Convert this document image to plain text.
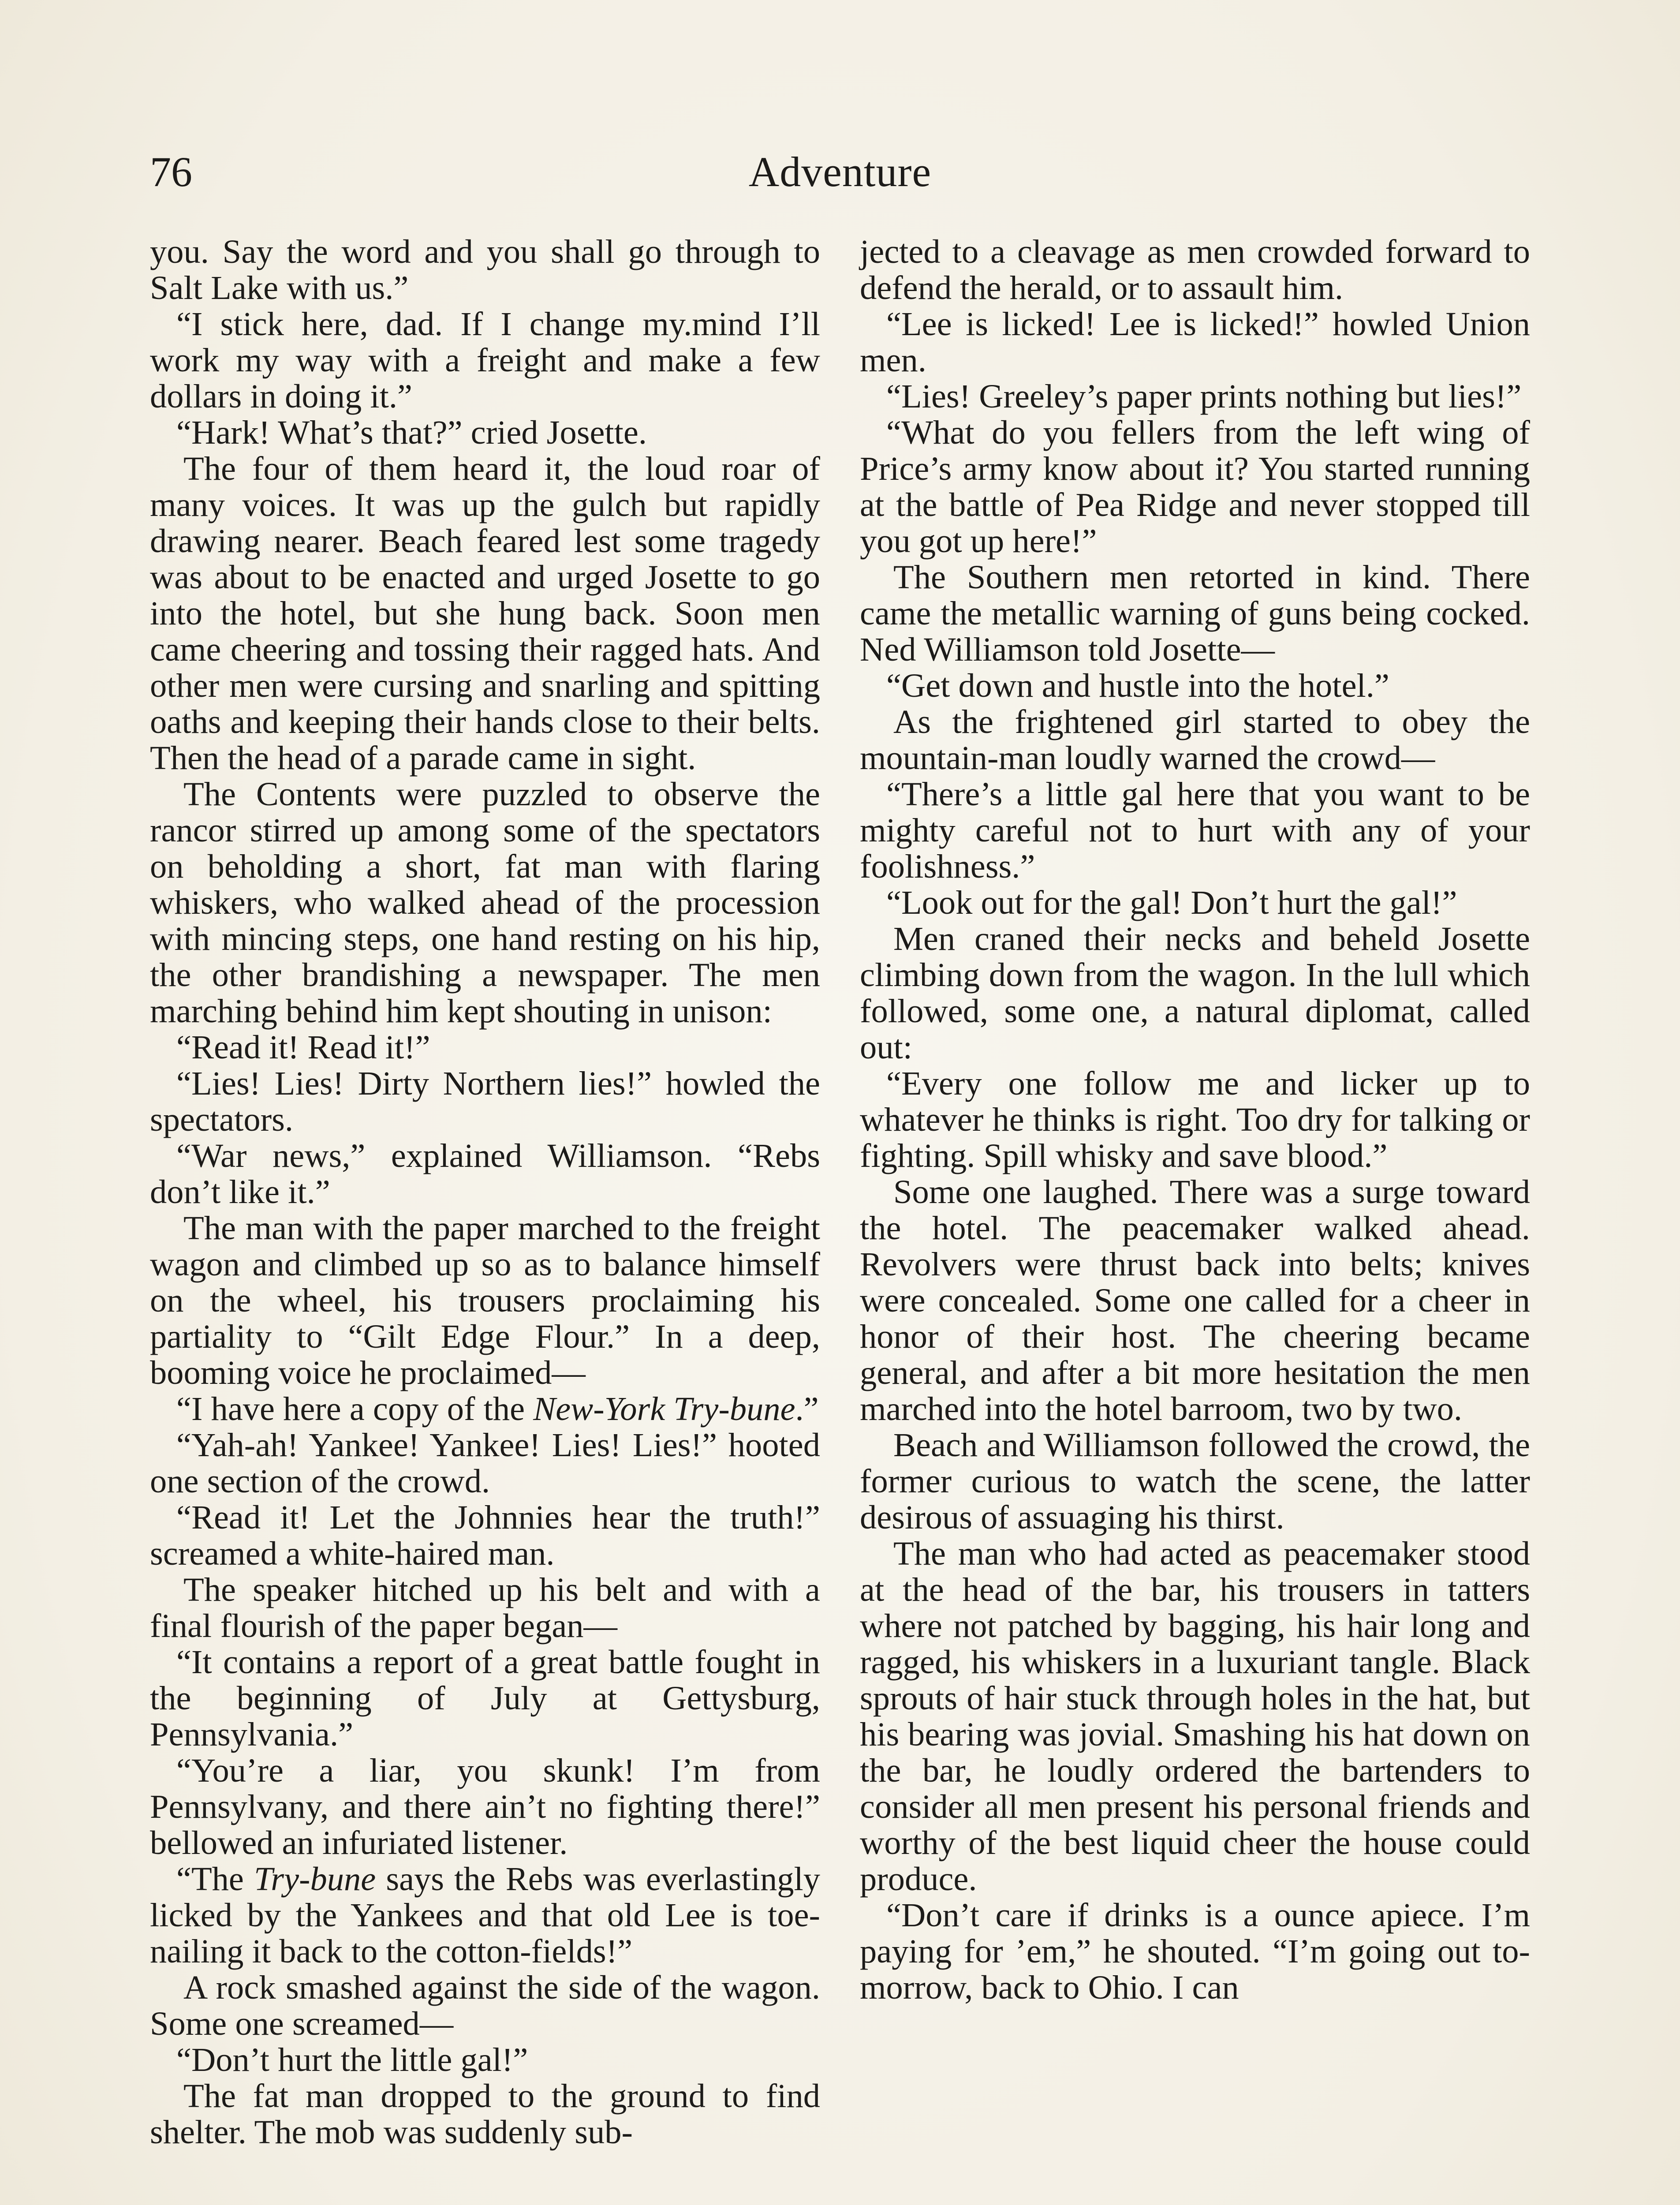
76	Adventure

you. Say the word and you shall go through to Salt Lake with us.”

“I stick here, dad. If I change my.mind I’ll work my way with a freight and make a few dollars in doing it.”

“Hark! What’s that?” cried Josette.

The four of them heard it, the loud roar of many voices. It was up the gulch but rapidly drawing nearer. Beach feared lest some tragedy was about to be enacted and urged Josette to go into the hotel, but she hung back. Soon men came cheering and tossing their ragged hats. And other men were cursing and snarling and spitting oaths and keeping their hands close to their belts. Then the head of a parade came in sight.

The Contents were puzzled to observe the rancor stirred up among some of the spectators on beholding a short, fat man with flaring whiskers, who walked ahead of the procession with mincing steps, one hand resting on his hip, the other brandishing a newspaper. The men marching behind him kept shouting in unison:

“Read it! Read it!”

“Lies! Lies! Dirty Northern lies!” howled the spectators.

“War news,” explained Williamson. “Rebs don’t like it.”

The man with the paper marched to the freight wagon and climbed up so as to balance himself on the wheel, his trousers proclaiming his partiality to “Gilt Edge Flour.” In a deep, booming voice he proclaimed—

“I have here a copy of the New-York Try-bune.”

“Yah-ah! Yankee! Yankee! Lies! Lies!” hooted one section of the crowd.

“Read it! Let the Johnnies hear the truth!” screamed a white-haired man.

The speaker hitched up his belt and with a final flourish of the paper began—

“It contains a report of a great battle fought in the beginning of July at Gettysburg, Pennsylvania.”

“You’re a liar, you skunk! I’m from Pennsylvany, and there ain’t no fighting there!” bellowed an infuriated listener.

“The Try-bune says the Rebs was everlastingly licked by the Yankees and that old Lee is toe-nailing it back to the cotton-fields!”

A rock smashed against the side of the wagon. Some one screamed—

“Don’t hurt the little gal!”

The fat man dropped to the ground to find shelter. The mob was suddenly sub-

jected to a cleavage as men crowded forward to defend the herald, or to assault him.

“Lee is licked! Lee is licked!” howled Union men.

“Lies! Greeley’s paper prints nothing but lies!”

“What do you fellers from the left wing of Price’s army know about it? You started running at the battle of Pea Ridge and never stopped till you got up here!”

The Southern men retorted in kind. There came the metallic warning of guns being cocked. Ned Williamson told Josette—

“Get down and hustle into the hotel.”

As the frightened girl started to obey the mountain-man loudly warned the crowd—

“There’s a little gal here that you want to be mighty careful not to hurt with any of your foolishness.”

“Look out for the gal! Don’t hurt the gal!”

Men craned their necks and beheld Josette climbing down from the wagon. In the lull which followed, some one, a natural diplomat, called out:

“Every one follow me and licker up to whatever he thinks is right. Too dry for talking or fighting. Spill whisky and save blood.”

Some one laughed. There was a surge toward the hotel. The peacemaker walked ahead. Revolvers were thrust back into belts; knives were concealed. Some one called for a cheer in honor of their host. The cheering became general, and after a bit more hesitation the men marched into the hotel barroom, two by two.

Beach and Williamson followed the crowd, the former curious to watch the scene, the latter desirous of assuaging his thirst.

The man who had acted as peacemaker stood at the head of the bar, his trousers in tatters where not patched by bagging, his hair long and ragged, his whiskers in a luxuriant tangle. Black sprouts of hair stuck through holes in the hat, but his bearing was jovial. Smashing his hat down on the bar, he loudly ordered the bartenders to consider all men present his personal friends and worthy of the best liquid cheer the house could produce.

“Don’t care if drinks is a ounce apiece. I’m paying for ’em,” he shouted. “I’m going out to-morrow, back to Ohio. I can
